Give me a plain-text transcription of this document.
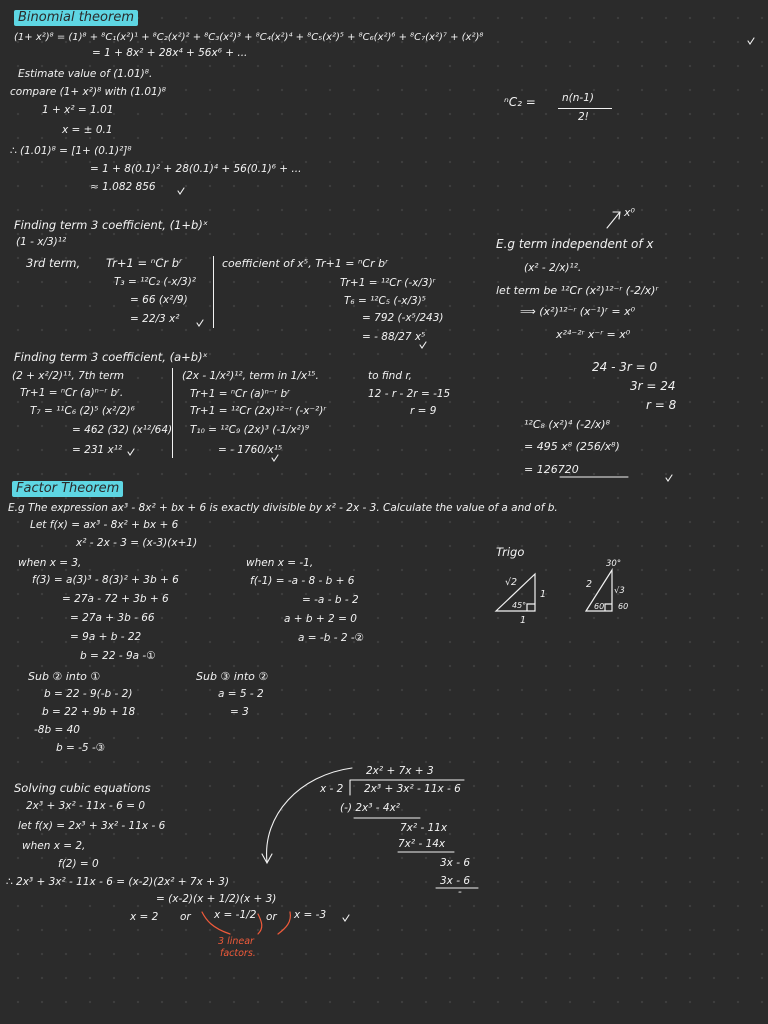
Binomial theorem
(1+ x²)⁸ = (1)⁸ + ⁸C₁(x²)¹ + ⁸C₂(x²)² + ⁸C₃(x²)³ + ⁸C₄(x²)⁴ + ⁸C₅(x²)⁵ + ⁸C₆(x²)⁶ + ⁸C₇(x²)⁷ + (x²)⁸
= 1 + 8x² + 28x⁴ + 56x⁶ + ...
Estimate value of (1.01)⁸.
compare (1+ x²)⁸ with (1.01)⁸
1 + x² = 1.01
x = ± 0.1
∴ (1.01)⁸ = [1+ (0.1)²]⁸
= 1 + 8(0.1)² + 28(0.1)⁴ + 56(0.1)⁶ + ...
≈ 1.082 856
ⁿC₂ = n(n-1)
2!
Finding term 3 coefficient, (1+b)ˣ
(1 - x/3)¹²
3rd term, Tr+1 = ⁿCr bʳ
T₃ = ¹²C₂ (-x/3)²
= 66 (x²/9)
= 22/3 x²
coefficient of x⁵, Tr+1 = ⁿCr bʳ
Tr+1 = ¹²Cr (-x/3)ʳ
T₆ = ¹²C₅ (-x/3)⁵
= 792 (-x⁵/243)
= - 88/27 x⁵
x⁰
E.g term independent of x
(x² - 2/x)¹².
let term be ¹²Cr (x²)¹²⁻ʳ (-2/x)ʳ
⟹ (x²)¹²⁻ʳ (x⁻¹)ʳ = x⁰
x²⁴⁻²ʳ x⁻ʳ = x⁰
24 - 3r = 0
3r = 24
r = 8
¹²C₈ (x²)⁴ (-2/x)⁸
= 495 x⁸ (256/x⁸)
= 126720
Finding term 3 coefficient, (a+b)ˣ
(2 + x²/2)¹¹, 7th term
Tr+1 = ⁿCr (a)ⁿ⁻ʳ bʳ.
T₇ = ¹¹C₆ (2)⁵ (x²/2)⁶
= 462 (32) (x¹²/64)
= 231 x¹²
(2x - 1/x²)¹², term in 1/x¹⁵.
Tr+1 = ⁿCr (a)ⁿ⁻ʳ bʳ
Tr+1 = ¹²Cr (2x)¹²⁻ʳ (-x⁻²)ʳ
T₁₀ = ¹²C₉ (2x)³ (-1/x²)⁹
= - 1760/x¹⁵
to find r,
12 - r - 2r = -15
r = 9
Factor Theorem
E.g The expression ax³ - 8x² + bx + 6 is exactly divisible by x² - 2x - 3. Calculate the value of a and of b.
Let f(x) = ax³ - 8x² + bx + 6
x² - 2x - 3 = (x-3)(x+1)
when x = 3,
f(3) = a(3)³ - 8(3)² + 3b + 6
= 27a - 72 + 3b + 6
= 27a + 3b - 66
= 9a + b - 22
b = 22 - 9a -①
when x = -1,
f(-1) = -a - 8 - b + 6
= -a - b - 2
a + b + 2 = 0
a = -b - 2 -②
Sub ② into ①
b = 22 - 9(-b - 2)
b = 22 + 9b + 18
-8b = 40
b = -5 -③
Sub ③ into ②
a = 5 - 2
= 3
Trigo
√2
45°
1
1
30°
2
√3
60 60
Solving cubic equations
2x³ + 3x² - 11x - 6 = 0
let f(x) = 2x³ + 3x² - 11x - 6
when x = 2,
f(2) = 0
∴ 2x³ + 3x² - 11x - 6 = (x-2)(2x² + 7x + 3)
= (x-2)(x + 1/2)(x + 3)
x = 2 or x = -1/2 or x = -3
3 linear
factors.
2x² + 7x + 3
x - 2 2x³ + 3x² - 11x - 6
(-) 2x³ - 4x²
7x² - 11x
7x² - 14x
3x - 6
3x - 6
-
